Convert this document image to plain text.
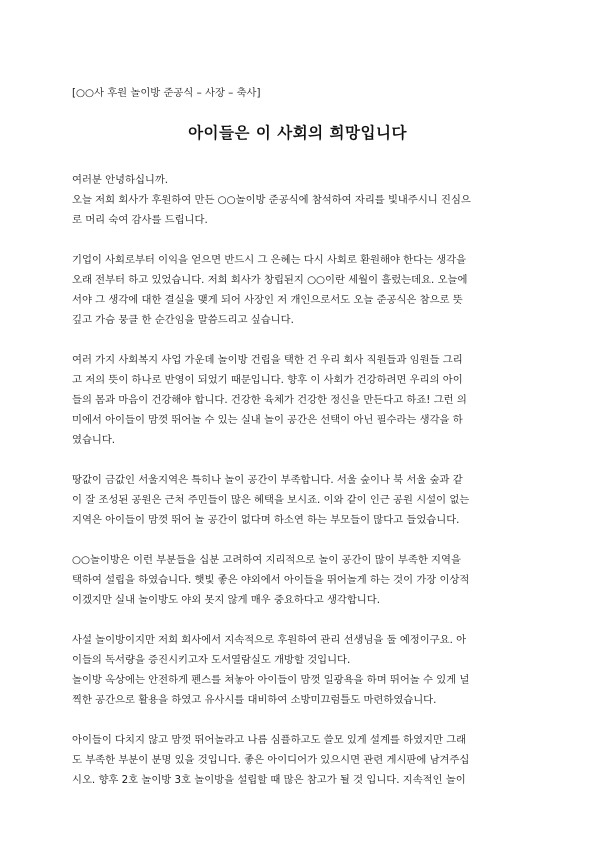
[○○사 후원 놀이방 준공식 – 사장 – 축사]
아이들은 이 사회의 희망입니다
여러분 안녕하십니까.
오늘 저희 회사가 후원하여 만든 ○○놀이방 준공식에 참석하여 자리를 빛내주시니 진심으
로 머리 숙여 감사를 드립니다.
기업이 사회로부터 이익을 얻으면 반드시 그 은혜는 다시 사회로 환원해야 한다는 생각을
오래 전부터 하고 있었습니다. 저희 회사가 창립된지 ○○이란 세월이 흘렀는데요. 오늘에
서야 그 생각에 대한 결실을 맺게 되어 사장인 저 개인으로서도 오늘 준공식은 참으로 뜻
깊고 가슴 뭉클 한 순간임을 말씀드리고 싶습니다.
여러 가지 사회복지 사업 가운데 놀이방 건립을 택한 건 우리 회사 직원들과 임원들 그리
고 저의 뜻이 하나로 반영이 되었기 때문입니다. 향후 이 사회가 건강하려면 우리의 아이
들의 몸과 마음이 건강해야 합니다. 건강한 육체가 건강한 정신을 만든다고 하죠! 그런 의
미에서 아이들이 맘껏 뛰어놀 수 있는 실내 놀이 공간은 선택이 아닌 필수라는 생각을 하
였습니다.
땅값이 금값인 서울지역은 특히나 놀이 공간이 부족합니다. 서울 숲이나 북 서울 숲과 같
이 잘 조성된 공원은 근처 주민들이 많은 혜택을 보시죠. 이와 같이 인근 공원 시설이 없는
지역은 아이들이 맘껏 뛰어 놀 공간이 없다며 하소연 하는 부모들이 많다고 들었습니다.
○○놀이방은 이런 부분들을 십분 고려하여 지리적으로 놀이 공간이 많이 부족한 지역을
택하여 설립을 하였습니다. 햇빛 좋은 야외에서 아이들을 뛰어놀게 하는 것이 가장 이상적
이겠지만 실내 놀이방도 야외 못지 않게 매우 중요하다고 생각합니다.
사설 놀이방이지만 저희 회사에서 지속적으로 후원하여 관리 선생님을 둘 예정이구요. 아
이들의 독서량을 증진시키고자 도서열람실도 개방할 것입니다.
놀이방 옥상에는 안전하게 펜스를 쳐놓아 아이들이 맘껏 일광욕을 하며 뛰어놀 수 있게 널
찍한 공간으로 활용을 하였고 유사시를 대비하여 소방미끄럼틀도 마련하였습니다.
아이들이 다치지 않고 맘껏 뛰어놀라고 나름 심플하고도 쓸모 있게 설계를 하였지만 그래
도 부족한 부분이 분명 있을 것입니다. 좋은 아이디어가 있으시면 관련 게시판에 남겨주십
시오. 향후 2호 놀이방 3호 놀이방을 설립할 때 많은 참고가 될 것 입니다. 지속적인 놀이
